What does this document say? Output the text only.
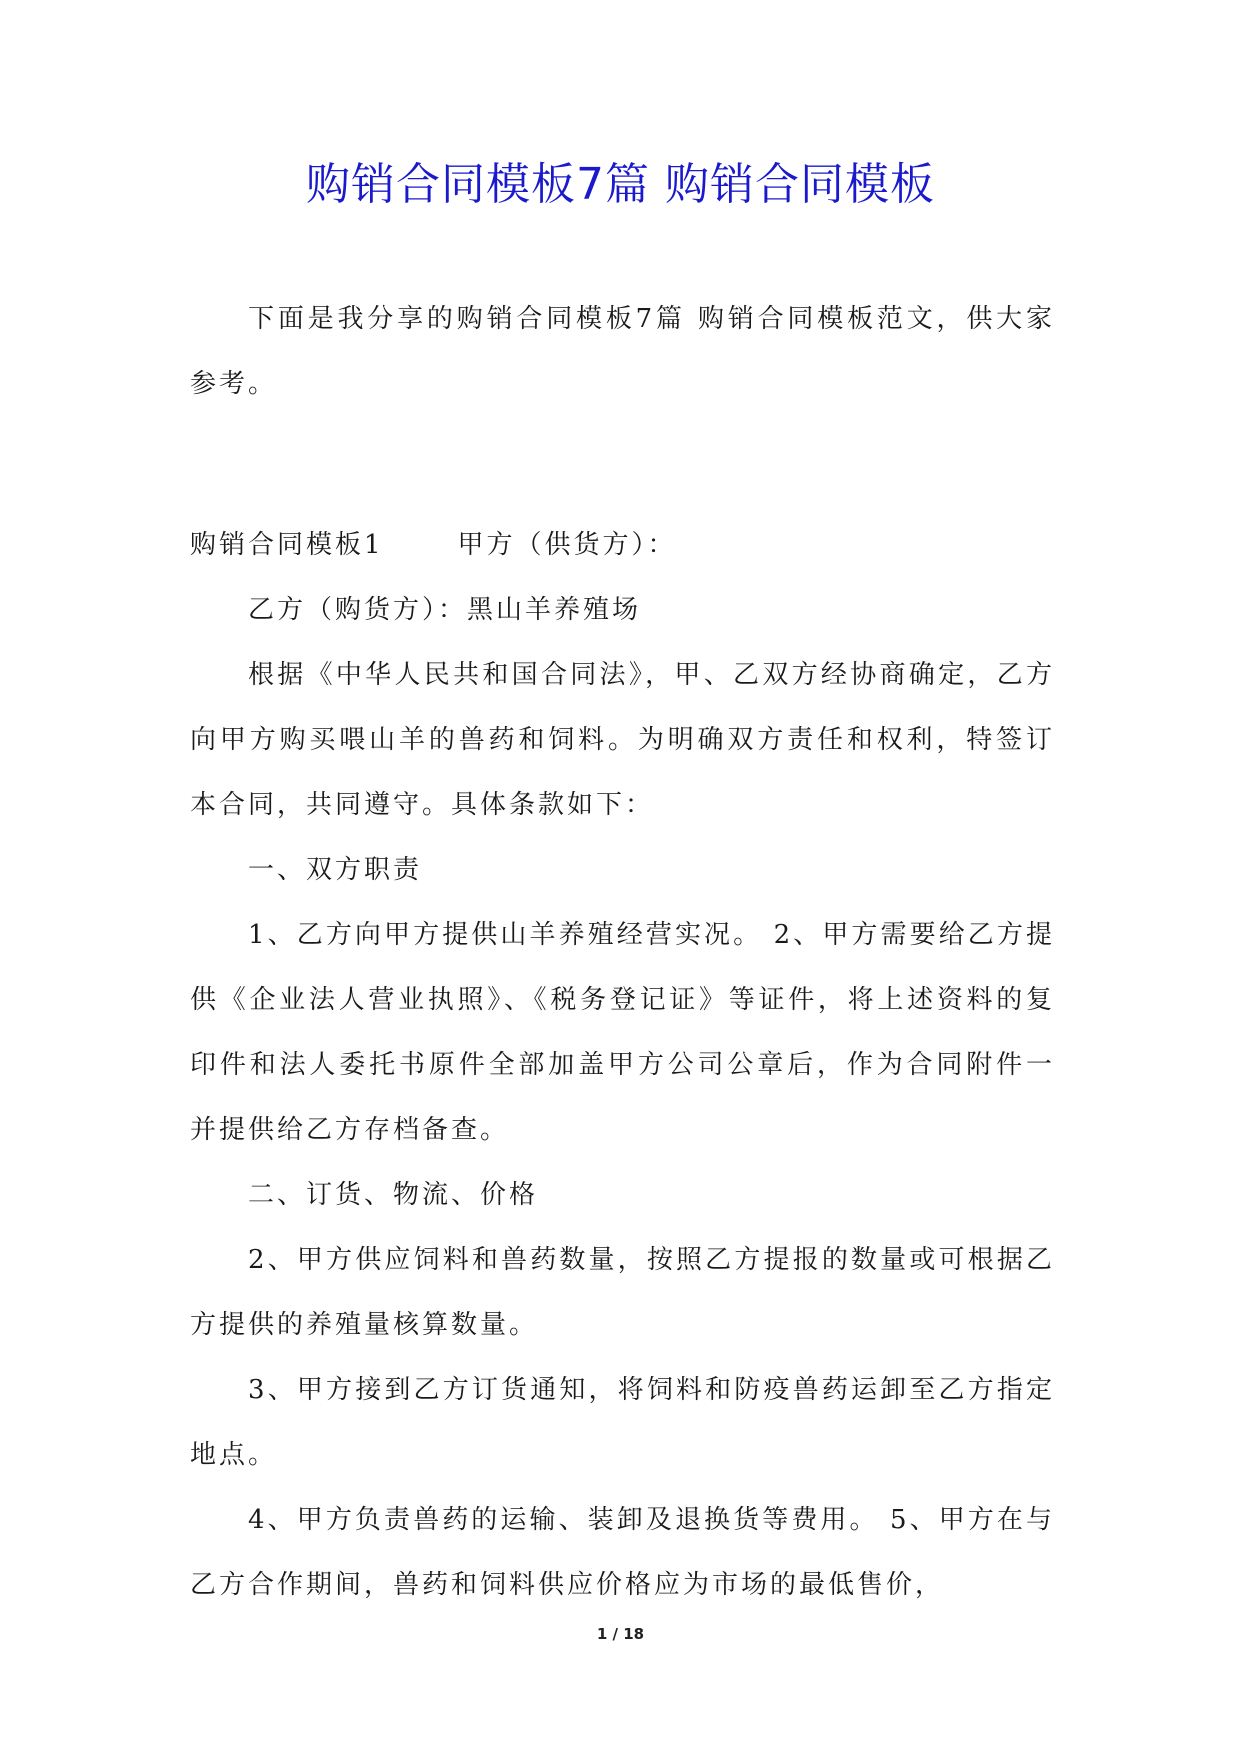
购销合同模板7篇 购销合同模板

下面是我分享的购销合同模板7篇 购销合同模板范文，供大家参考。

购销合同模板1	甲方（供货方）：

乙方（购货方）：黑山羊养殖场

根据《中华人民共和国合同法》，甲、乙双方经协商确定，乙方向甲方购买喂山羊的兽药和饲料。为明确双方责任和权利，特签订本合同，共同遵守。具体条款如下：

一、双方职责

1、乙方向甲方提供山羊养殖经营实况。 2、甲方需要给乙方提供《企业法人营业执照》、《税务登记证》等证件，将上述资料的复印件和法人委托书原件全部加盖甲方公司公章后，作为合同附件一并提供给乙方存档备查。

二、订货、物流、价格

2、甲方供应饲料和兽药数量，按照乙方提报的数量或可根据乙方提供的养殖量核算数量。

3、甲方接到乙方订货通知，将饲料和防疫兽药运卸至乙方指定地点。

4、甲方负责兽药的运输、装卸及退换货等费用。 5、甲方在与乙方合作期间，兽药和饲料供应价格应为市场的最低售价，

1 / 18
